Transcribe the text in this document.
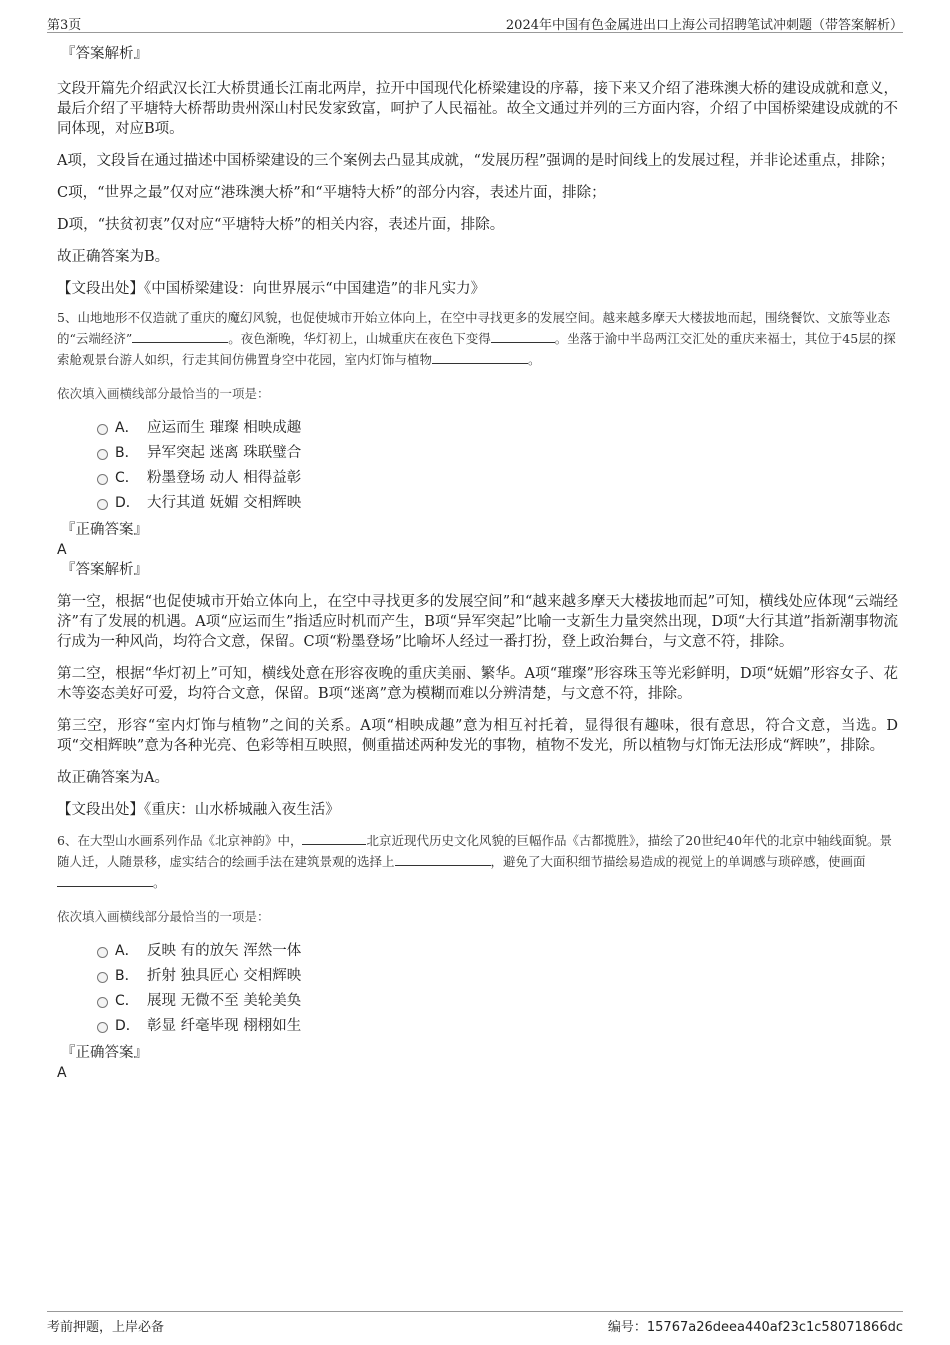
第3页	2024年中国有色金属进出口上海公司招聘笔试冲刺题（带答案解析）

『答案解析』

文段开篇先介绍武汉长江大桥贯通长江南北两岸，拉开中国现代化桥梁建设的序幕，接下来又介绍了港珠澳大桥的建设成就和意义，最后介绍了平塘特大桥帮助贵州深山村民发家致富，呵护了人民福祉。故全文通过并列的三方面内容，介绍了中国桥梁建设成就的不同体现，对应B项。

A项，文段旨在通过描述中国桥梁建设的三个案例去凸显其成就，“发展历程”强调的是时间线上的发展过程，并非论述重点，排除；

C项，“世界之最”仅对应“港珠澳大桥”和“平塘特大桥”的部分内容，表述片面，排除；

D项，“扶贫初衷”仅对应“平塘特大桥”的相关内容，表述片面，排除。

故正确答案为B。

【文段出处】《中国桥梁建设：向世界展示“中国建造”的非凡实力》

5、山地地形不仅造就了重庆的魔幻风貌，也促使城市开始立体向上，在空中寻找更多的发展空间。越来越多摩天大楼拔地而起，围绕餐饮、文旅等业态的“云端经济”	。夜色渐晚，华灯初上，山城重庆在夜色下变得	。坐落于渝中半岛两江交汇处的重庆来福士，其位于45层的探索舱观景台游人如织，行走其间仿佛置身空中花园，室内灯饰与植物	。

依次填入画横线部分最恰当的一项是：

A． 应运而生 璀璨 相映成趣
B． 异军突起 迷离 珠联璧合
C． 粉墨登场 动人 相得益彰
D． 大行其道 妩媚 交相辉映

『正确答案』

A

『答案解析』

第一空，根据“也促使城市开始立体向上，在空中寻找更多的发展空间”和“越来越多摩天大楼拔地而起”可知，横线处应体现“云端经济”有了发展的机遇。A项“应运而生”指适应时机而产生，B项“异军突起”比喻一支新生力量突然出现，D项“大行其道”指新潮事物流行成为一种风尚，均符合文意，保留。C项“粉墨登场”比喻坏人经过一番打扮，登上政治舞台，与文意不符，排除。

第二空，根据“华灯初上”可知，横线处意在形容夜晚的重庆美丽、繁华。A项“璀璨”形容珠玉等光彩鲜明，D项“妩媚”形容女子、花木等姿态美好可爱，均符合文意，保留。B项“迷离”意为模糊而难以分辨清楚，与文意不符，排除。

第三空，形容“室内灯饰与植物”之间的关系。A项“相映成趣”意为相互衬托着，显得很有趣味，很有意思，符合文意，当选。D项“交相辉映”意为各种光亮、色彩等相互映照，侧重描述两种发光的事物，植物不发光，所以植物与灯饰无法形成“辉映”，排除。

故正确答案为A。

【文段出处】《重庆：山水桥城融入夜生活》

6、在大型山水画系列作品《北京神韵》中，	北京近现代历史文化风貌的巨幅作品《古都揽胜》，描绘了20世纪40年代的北京中轴线面貌。景随人迁，人随景移，虚实结合的绘画手法在建筑景观的选择上	，避免了大面积细节描绘易造成的视觉上的单调感与琐碎感，使画面。

依次填入画横线部分最恰当的一项是：

A． 反映 有的放矢 浑然一体
B． 折射 独具匠心 交相辉映
C． 展现 无微不至 美轮美奂
D． 彰显 纤毫毕现 栩栩如生

『正确答案』

A

考前押题，上岸必备	编号：15767a26deea440af23c1c58071866dc
